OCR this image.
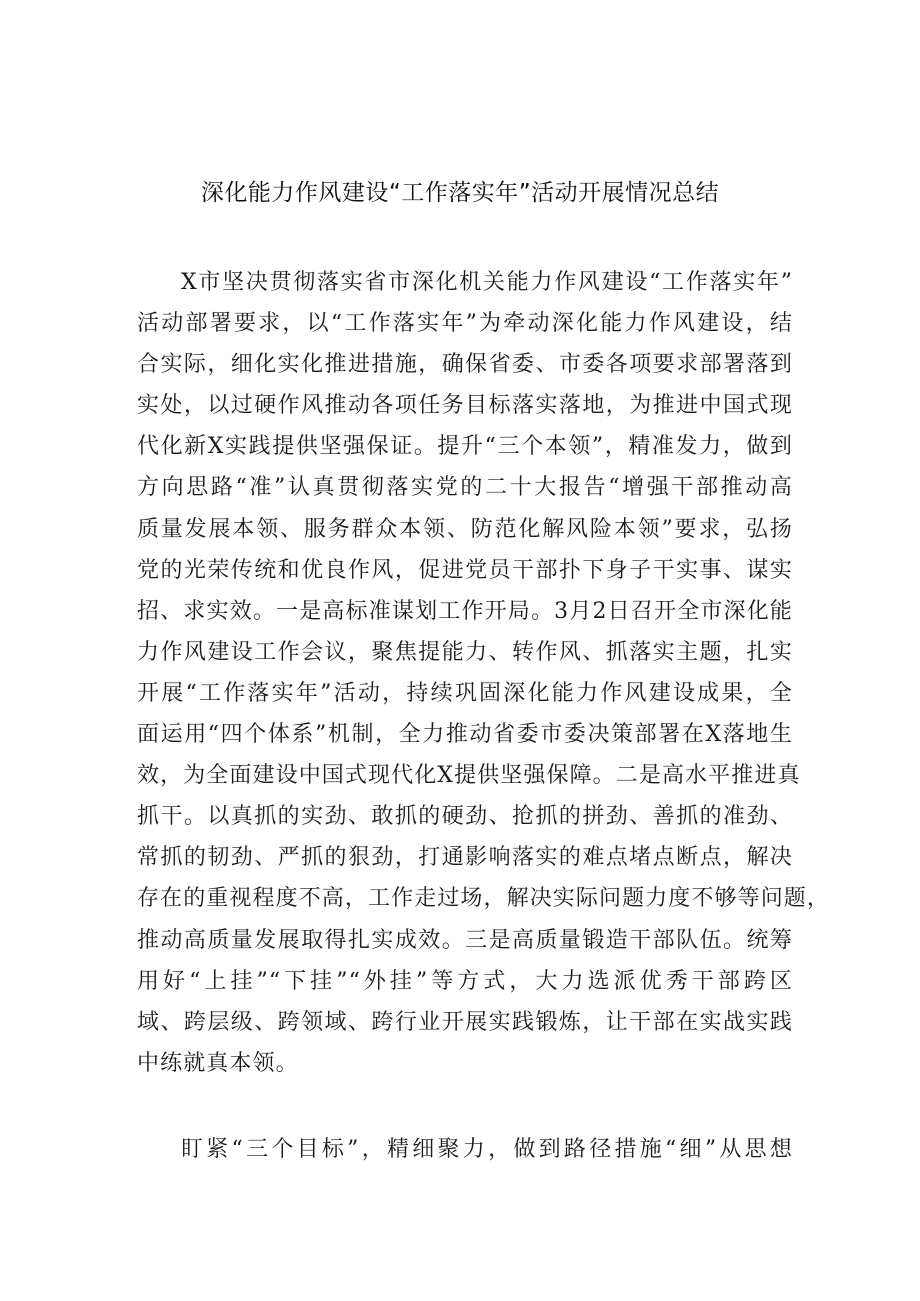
深化能力作风建设“工作落实年”活动开展情况总结
X市坚决贯彻落实省市深化机关能力作风建设“工作落实年”
活动部署要求，以“工作落实年”为牵动深化能力作风建设，结
合实际，细化实化推进措施，确保省委、市委各项要求部署落到
实处，以过硬作风推动各项任务目标落实落地，为推进中国式现
代化新X实践提供坚强保证。提升“三个本领”，精准发力，做到
方向思路“准”认真贯彻落实党的二十大报告“增强干部推动高
质量发展本领、服务群众本领、防范化解风险本领”要求，弘扬
党的光荣传统和优良作风，促进党员干部扑下身子干实事、谋实
招、求实效。一是高标准谋划工作开局。3月2日召开全市深化能
力作风建设工作会议，聚焦提能力、转作风、抓落实主题，扎实
开展“工作落实年”活动，持续巩固深化能力作风建设成果，全
面运用“四个体系”机制，全力推动省委市委决策部署在X落地生
效，为全面建设中国式现代化X提供坚强保障。二是高水平推进真
抓干。以真抓的实劲、敢抓的硬劲、抢抓的拼劲、善抓的准劲、
常抓的韧劲、严抓的狠劲，打通影响落实的难点堵点断点，解决
存在的重视程度不高，工作走过场，解决实际问题力度不够等问题，
推动高质量发展取得扎实成效。三是高质量锻造干部队伍。统筹
用好“上挂”“下挂”“外挂”等方式，大力选派优秀干部跨区
域、跨层级、跨领域、跨行业开展实践锻炼，让干部在实战实践
中练就真本领。
盯紧“三个目标”，精细聚力，做到路径措施“细”从思想
